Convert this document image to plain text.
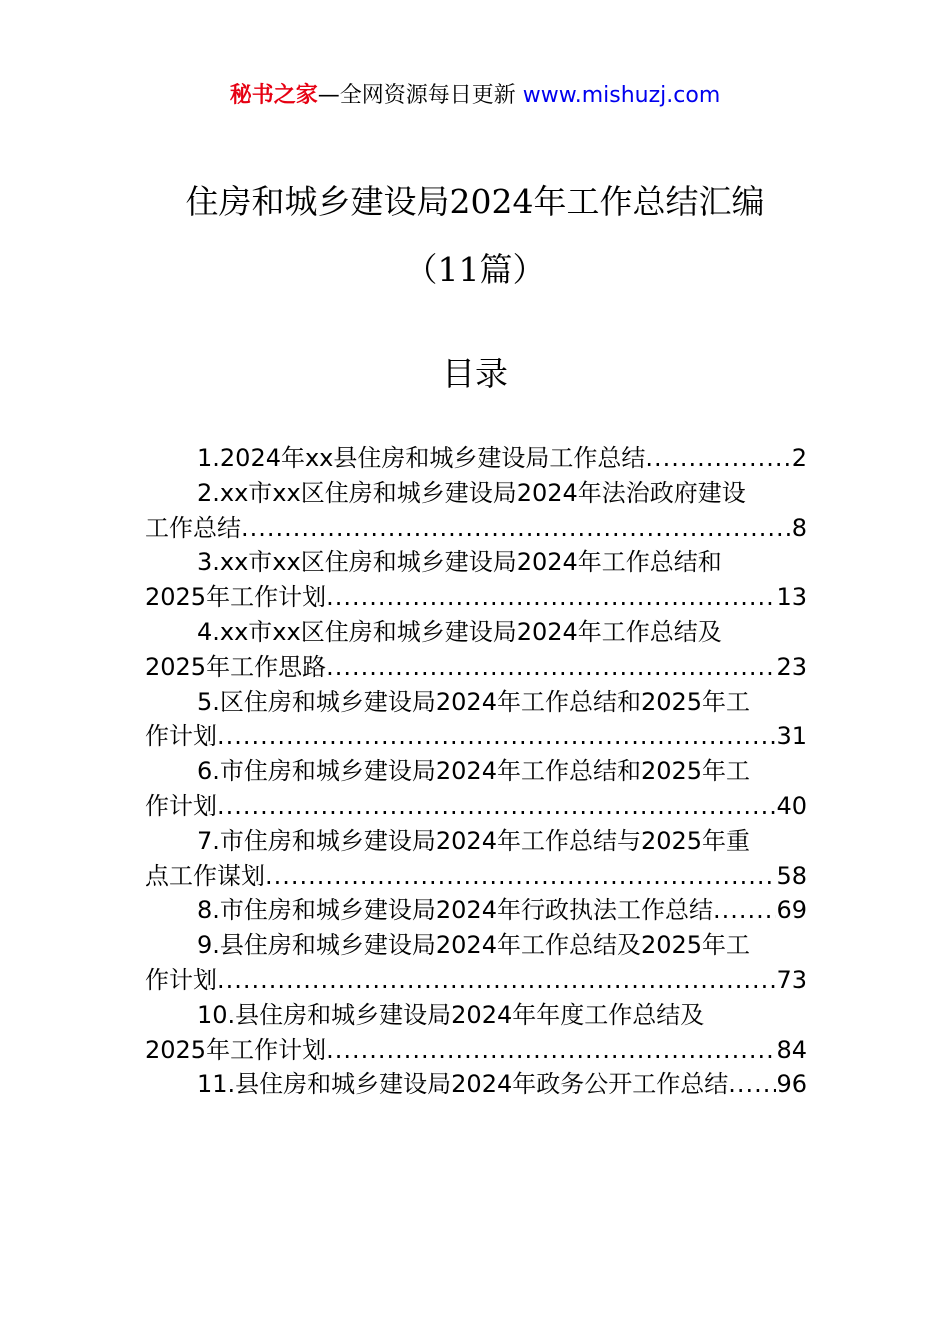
秘书之家—全网资源每日更新 www.mishuzj.com
住房和城乡建设局2024年工作总结汇编
（11篇）
目录
1.2024年xx县住房和城乡建设局工作总结 .....	2
2.xx市xx区住房和城乡建设局2024年法治政府建设
工作总结 .....	8
3.xx市xx区住房和城乡建设局2024年工作总结和
2025年工作计划 .....	13
4.xx市xx区住房和城乡建设局2024年工作总结及
2025年工作思路 .....	23
5.区住房和城乡建设局2024年工作总结和2025年工
作计划 .....	31
6.市住房和城乡建设局2024年工作总结和2025年工
作计划 .....	40
7.市住房和城乡建设局2024年工作总结与2025年重
点工作谋划 .....	58
8.市住房和城乡建设局2024年行政执法工作总结 .....	69
9.县住房和城乡建设局2024年工作总结及2025年工
作计划 .....	73
10.县住房和城乡建设局2024年年度工作总结及
2025年工作计划 .....	84
11.县住房和城乡建设局2024年政务公开工作总结 ..... 96
